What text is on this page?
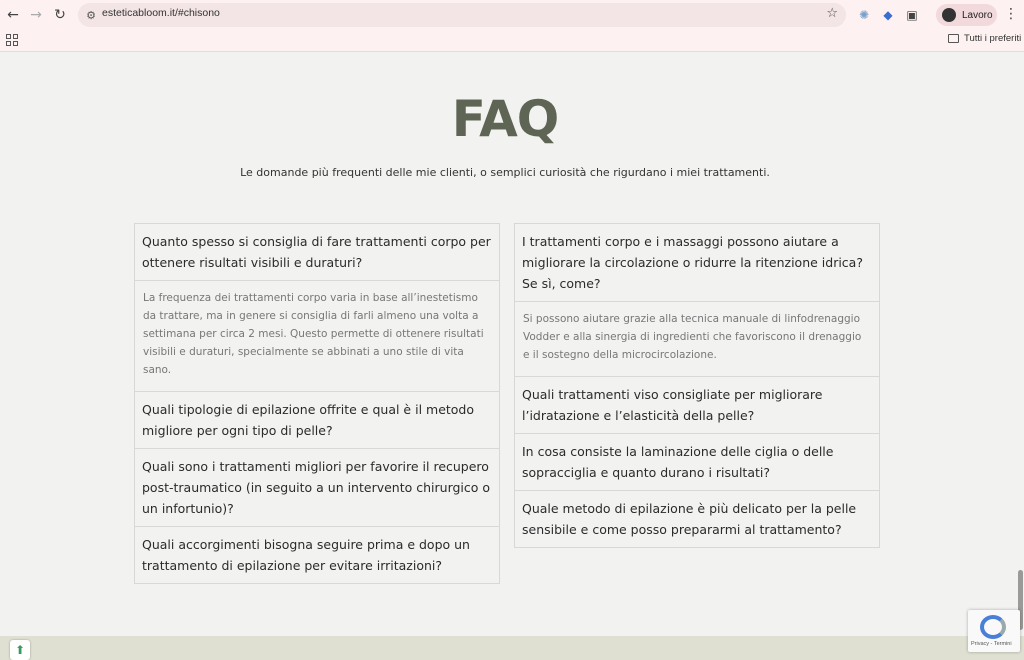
← → ↻ ⚙ esteticabloom.it/#chisono	☆ ✺ ◆ ▣	Lavoro ⋮
Tutti i preferiti
FAQ
Le domande più frequenti delle mie clienti, o semplici curiosità che rigurdano i miei trattamenti.
Quanto spesso si consiglia di fare trattamenti corpo per ottenere risultati visibili e duraturi?
La frequenza dei trattamenti corpo varia in base all’inestetismo da trattare, ma in genere si consiglia di farli almeno una volta a settimana per circa 2 mesi. Questo permette di ottenere risultati visibili e duraturi, specialmente se abbinati a uno stile di vita sano.
Quali tipologie di epilazione offrite e qual è il metodo migliore per ogni tipo di pelle?
Quali sono i trattamenti migliori per favorire il recupero post-traumatico (in seguito a un intervento chirurgico o un infortunio)?
Quali accorgimenti bisogna seguire prima e dopo un trattamento di epilazione per evitare irritazioni?
I trattamenti corpo e i massaggi possono aiutare a migliorare la circolazione o ridurre la ritenzione idrica? Se sì, come?
Si possono aiutare grazie alla tecnica manuale di linfodrenaggio Vodder e alla sinergia di ingredienti che favoriscono il drenaggio e il sostegno della microcircolazione.
Quali trattamenti viso consigliate per migliorare l’idratazione e l’elasticità della pelle?
In cosa consiste la laminazione delle ciglia o delle sopracciglia e quanto durano i risultati?
Quale metodo di epilazione è più delicato per la pelle sensibile e come posso prepararmi al trattamento?
⬆	Privacy - Termini
